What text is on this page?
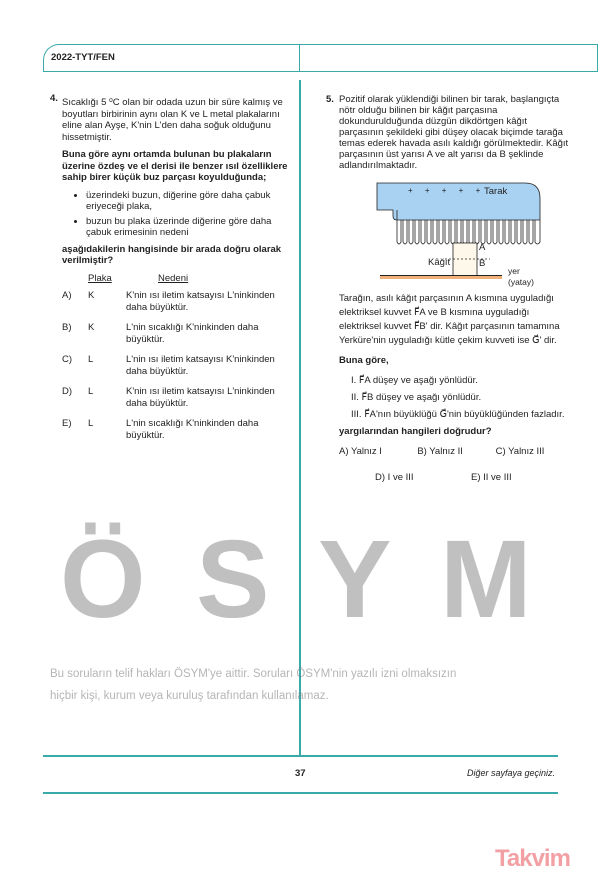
2022-TYT/FEN
4. Sıcaklığı 5 ⁰C olan bir odada uzun bir süre kalmış ve boyutları birbirinin aynı olan K ve L metal plakalarını eline alan Ayşe, K'nin L'den daha soğuk olduğunu hissetmiştir.

Buna göre aynı ortamda bulunan bu plakaların üzerine özdeş ve el derisi ile benzer ısıl özelliklere sahip birer küçük buz parçası koyulduğunda;

• üzerindeki buzun, diğerine göre daha çabuk eriyeceği plaka,
• buzun bu plaka üzerinde diğerine göre daha çabuk erimesinin nedeni

aşağıdakilerin hangisinde bir arada doğru olarak verilmiştir?

Plaka	Nedeni
A)	K	K'nin ısı iletim katsayısı L'ninkinden daha büyüktür.
B)	K	L'nin sıcaklığı K'ninkinden daha büyüktür.
C)	L	L'nin ısı iletim katsayısı K'ninkinden daha büyüktür.
D)	L	K'nin ısı iletim katsayısı L'ninkinden daha büyüktür.
E)	L	L'nin sıcaklığı K'ninkinden daha büyüktür.
5. Pozitif olarak yüklendiği bilinen bir tarak, başlangıçta nötr olduğu bilinen bir kâğıt parçasına dokundurulduğunda düzgün dikdörtgen kâğıt parçasının şekildeki gibi düşey olacak biçimde tarağa temas ederek havada asılı kaldığı görülmektedir. Kâğıt parçasının üst yarısı A ve alt yarısı da B şeklinde adlandırılmaktadır.

+ + + + +
Tarak
A
B
Kâğıt
yer
(yatay)

Tarağın, asılı kâğıt parçasının A kısmına uyguladığı elektriksel kuvvet F⃗A ve B kısmına uyguladığı elektriksel kuvvet F⃗B' dir. Kâğıt parçasının tamamına Yerküre'nin uyguladığı kütle çekim kuvveti ise G⃗' dir.

Buna göre,

I. F⃗A düşey ve aşağı yönlüdür.
II. F⃗B düşey ve aşağı yönlüdür.
III. F⃗A'nın büyüklüğü G⃗'nin büyüklüğünden fazladır.

yargılarından hangileri doğrudur?

A) Yalnız I	B) Yalnız II	C) Yalnız III
D) I ve III	E) II ve III
Ö S Y M
Bu soruların telif hakları ÖSYM'ye aittir. Soruları ÖSYM'nin yazılı izni olmaksızın
hiçbir kişi, kurum veya kuruluş tarafından kullanılamaz.
37	Diğer sayfaya geçiniz.
Takvim
